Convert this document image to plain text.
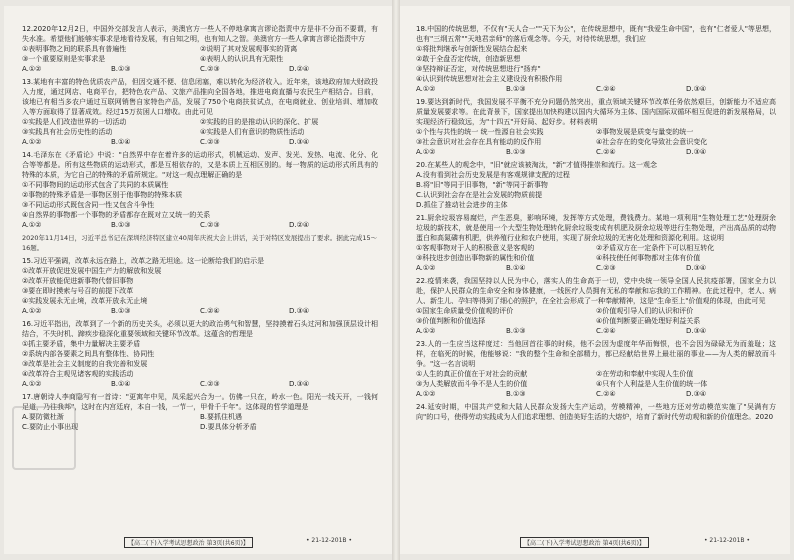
12.2020年12月2日，中国外交部发言人表示，美澳官方一些人不停地拿寓言谬论指责中方是非不分而不要谓，有失水准。希望他们能够实事求是地看待发展，有自知之明，也有知人之智。美澳官方一些人拿寓言谬论指责中方
①表明事物之间的联系具有普遍性	②说明了其对发展观事实的背离
③一个重要原则是实事求是	④表明人的认识具有无限性
A.①②	B.①③	C.②③	D.②④
13.某地有丰富的特色优质农产品，但因交通不便、信息闭塞，难以转化为经济收入。近年来，该地政府加大财政投入力度，通过网店、电商平台，把特色农产品、文旅产品推向全国各地，推进电商直播与农民生产相结合。目前，该地已有相当多农户通过互联网销售自家特色产品，发展了750个电商扶贫试点，在电商就业、创业培训、增加收入等方面取得了显著成效。经过15万贫困人口增收。由此可见
①实践是人们改造世界的一切活动	②实践的目的是推动认识的深化、扩展
③实践具有社会历史性的活动	④实践是人们有意识的物质性活动
A.①②	B.①④	C.②③	D.③④
14.毛泽东在《矛盾论》中说："自然界中存在着许多的运动形式，机械运动、发声、发光、发热、电流、化分、化合等等都是。所有这些物质的运动形式，都是互相依存的，又是本质上互相区别的。每一物质的运动形式所具有的特殊的本质，为它自己的特殊的矛盾所规定。"对这一观点理解正确的是
①不同事物间的运动形式包含了共同的本质属性
②事物的特殊矛盾是一事物区别于他事物的特殊本质
③不同运动形式既包含同一性又包含斗争性
④自然界的事物都一个事物的矛盾都存在既对立又统一的关系
A.①②	B.①③	C.②③	D.②④
2020年11月14日，习近平总书记在深圳经济特区建立40周年庆祝大会上讲话，关于对特区发展提出了要求。据此完成15～16题。
15.习近平强调，改革永远在路上，改革之路无坦途。这一论断给我们的启示是
①改革开放促进发展中国生产力的解放和发展
②改革开放能促进新事物代替旧事物
③要在即时摸索与号召的前提下改革
④实践发展永无止境，改革开放永无止境
A.①②	B.①③	C.②④	D.③④
16.习近平指出，改革到了一个新的历史关头，必须以更大的政治勇气和智慧，坚持摸着石头过河和加强顶层设计相结合，不失时机、蹄疾步稳深化重要领域和关键环节改革。这蕴含的哲理是
①抓主要矛盾，集中力量解决主要矛盾
②系统内部各要素之间具有整体性、协同性
③改革是社会主义制度的自我完善和发展
④改革符合主观见诸客观的实践活动
A.①②	B.①④	C.②③	D.③④
17.唐朝诗人李商隐写有一首诗："更寓年中见，凤采起兴合为一。仿佛一只在，岭水一色。阳光一线天开，一钱何足道，乃往我邦"，这时在内宫廷府，本自一钱，一节一，甲骨千千年"。这体现的哲学道理是
A.要防微杜渐	B.要抓住机遇
C.要防止小事出现	D.要具体分析矛盾
【高二(下)入学考试思想政治 第3页(共6页)】	• 21-12-201B •
18.中国的传统思想，不仅有"天人合一""天下为公"，在传统思想中，既有"我爱生命中国"，也有"仁者爱人"等思想，也有"三纲五常""天地君亲师"的落后观念等。今天，对待传统思想，我们应
①将批判继承与创新性发展结合起来
②敢于全盘否定传统，创造新思想
③坚持辩证否定，对传统思想进行"扬弃"
④认识到传统思想对社会主义建设没有积极作用
A.①②	B.①③	C.②④	D.③④
19.要达到新时代，我国发展不平衡不充分问题仍然突出，重点领域关键环节改革任务依然艰巨，创新能力不适应高质量发展要求等。在此背景下，国家提出加快构建以国内大循环为主体、国内国际双循环相互促进的新发展格局，以实现经济行稳致远，为"十四五"开好局、起好步。材料表明
①个性与共性的统一 统一性源自社会实践	②事物发展是质变与量变的统一
③社会意识对社会存在具有能动的反作用	④社会存在的变化导致社会意识变化
A.①②	B.①③	C.②④	D.③④
20.在某些人的观念中，"旧"就应该被淘汰，"新"才值得推崇和流行。这一观念
A.没有看到社会历史发展是有客观规律支配的过程
B.将"旧"等同于旧事物，"新"等同于新事物
C.认识到社会存在是社会发展的物质前提
D.抓住了推动社会进步的主体
21.厨余垃圾容易腐烂，产生恶臭，影响环境，发挥等方式处理，费钱费力。某地一项利用"生物处理工艺"处理厨余垃圾的新技术，就是使用一个大型生物处理转化厨余垃圾变成有机肥及厨余垃圾等进行生物处理，产出高品质的动物蛋白和高氮磷有机肥，供养殖行业和农户使用，实现了厨余垃圾的无害化处理和资源化利用。这说明
①客观事物对于人的积极意义是客观的	②矛盾双方在一定条件下可以相互转化
③科技进步创造出事物新的属性和价值	④科技使任何事物都对主体有价值
A.①②	B.①④	C.②③	D.③④
22.疫情来袭，我国坚持以人民为中心，落实人的生命高于一切，党中央统一领导全国人民抗疫部署，国家全力以赴，保护人民群众的生命安全和身体健康，一线医疗人员拥有无私的奉献和忘我的工作精神。在此过程中，老人、病人、新生儿、孕妇等得到了细心的照护，在全社会形成了一种奉献精神，这是"生命至上"价值观的体现，由此可见
①国家生命质量受价值观的评价	②价值观引导人们的认识和评价
③价值判断和价值选择	④价值判断要正确处理好利益关系
A.①②	B.①③	C.②④	D.③④
23.人的一生应当这样度过：当他回首往事的时候，他不会因为虚度年华而悔恨，也不会因为碌碌无为而羞耻；这样，在临死的时候，他能够说："我的整个生命和全部精力，都已经献给世界上最壮丽的事业——为人类的解放而斗争。"这一名言说明
①人生的真正价值在于对社会的贡献	②在劳动和奉献中实现人生价值
③为人类解放而斗争不是人生的价值	④只有个人利益是人生价值的统一体
A.①②	B.①③	C.②④	D.③④
24.延安时期，中国共产党和大陆人民群众发扬大生产运动，劳模精神，一些地方还对劳动模范实施了"吴满有方向"的口号，使得劳动实践成为人们追求理想、创造美好生活的大熔炉，培育了新时代劳动观和新的价值理念。2020
【高二(下)入学考试思想政治 第4页(共6页)】	• 21-12-201B •
